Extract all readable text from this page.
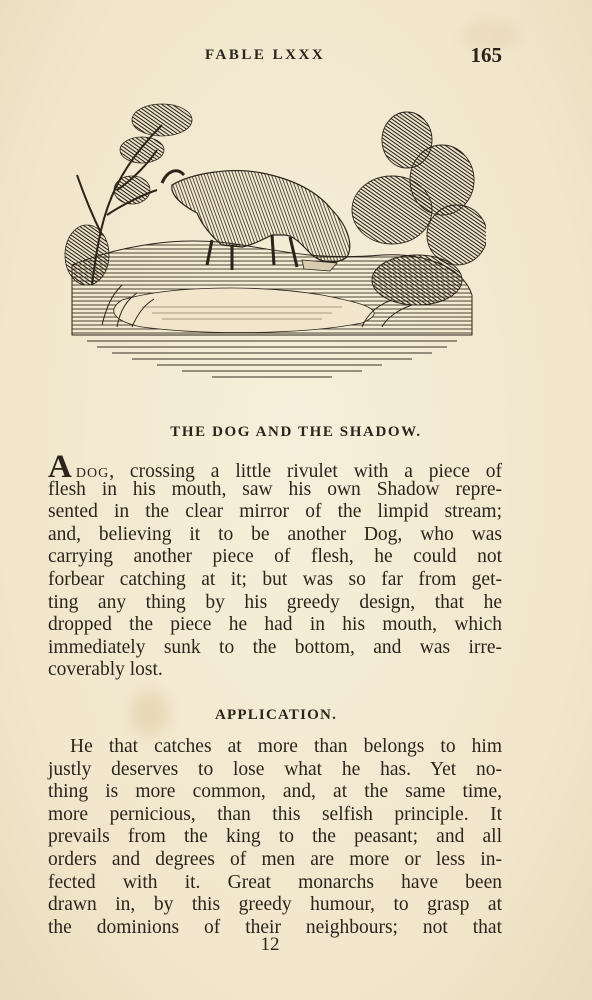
FABLE LXXX	165
THE DOG AND THE SHADOW.
ADOG, crossing a little rivulet with a piece of
flesh in his mouth, saw his own Shadow repre-
sented in the clear mirror of the limpid stream;
and, believing it to be another Dog, who was
carrying another piece of flesh, he could not
forbear catching at it; but was so far from get-
ting any thing by his greedy design, that he
dropped the piece he had in his mouth, which
immediately sunk to the bottom, and was irre-
coverably lost.
APPLICATION.
He that catches at more than belongs to him
justly deserves to lose what he has. Yet no-
thing is more common, and, at the same time,
more pernicious, than this selfish principle. It
prevails from the king to the peasant; and all
orders and degrees of men are more or less in-
fected with it. Great monarchs have been
drawn in, by this greedy humour, to grasp at
the dominions of their neighbours; not that
12
